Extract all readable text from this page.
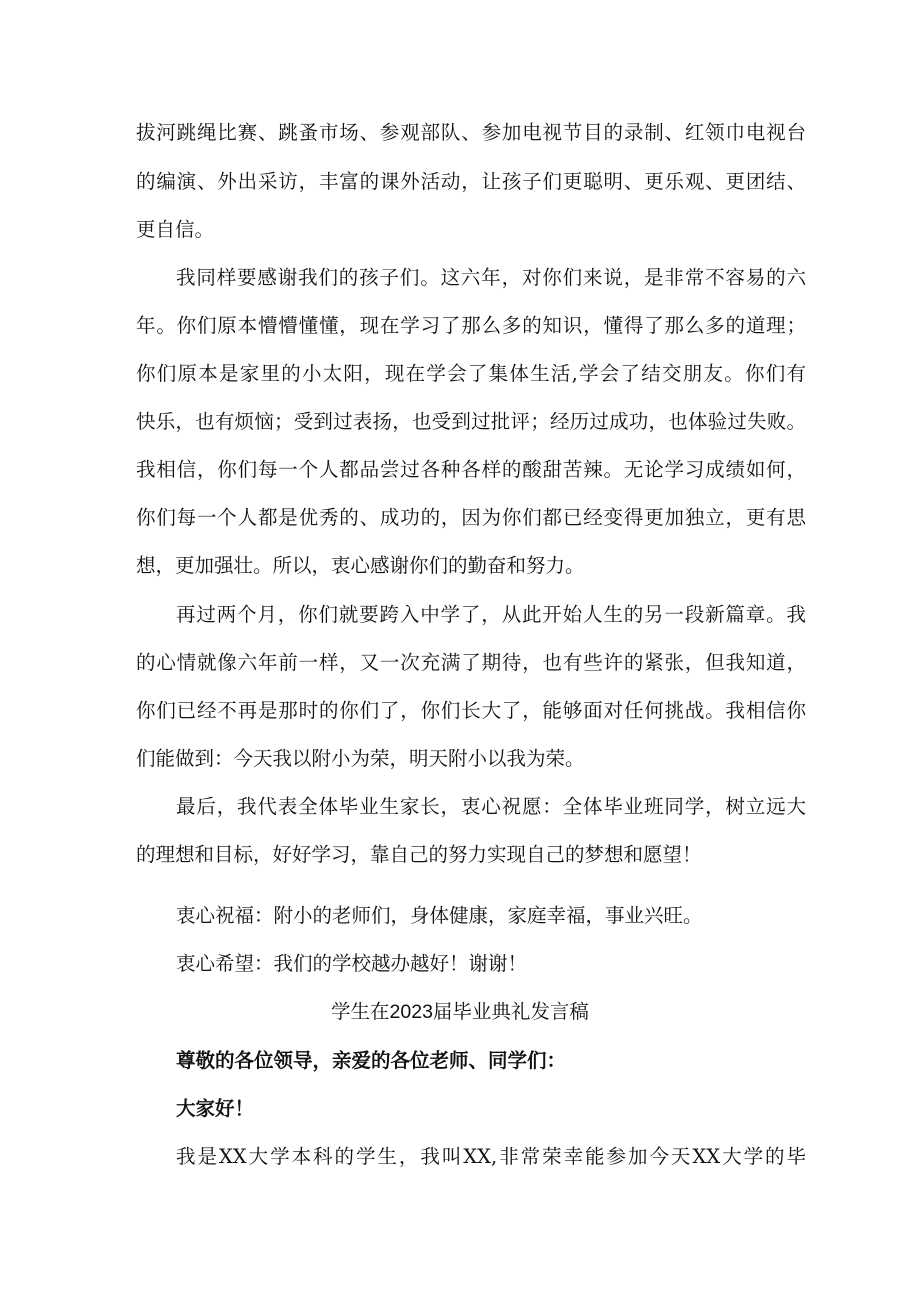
拔河跳绳比赛、跳蚤市场、参观部队、参加电视节目的录制、红领巾电视台
的编演、外出采访，丰富的课外活动，让孩子们更聪明、更乐观、更团结、
更自信。
我同样要感谢我们的孩子们。这六年，对你们来说，是非常不容易的六
年。你们原本懵懵懂懂，现在学习了那么多的知识，懂得了那么多的道理；
你们原本是家里的小太阳，现在学会了集体生活,学会了结交朋友。你们有
快乐，也有烦恼；受到过表扬，也受到过批评；经历过成功，也体验过失败。
我相信，你们每一个人都品尝过各种各样的酸甜苦辣。无论学习成绩如何，
你们每一个人都是优秀的、成功的，因为你们都已经变得更加独立，更有思
想，更加强壮。所以，衷心感谢你们的勤奋和努力。
再过两个月，你们就要跨入中学了，从此开始人生的另一段新篇章。我
的心情就像六年前一样，又一次充满了期待，也有些许的紧张，但我知道，
你们已经不再是那时的你们了，你们长大了，能够面对任何挑战。我相信你
们能做到：今天我以附小为荣，明天附小以我为荣。
最后，我代表全体毕业生家长，衷心祝愿：全体毕业班同学，树立远大
的理想和目标，好好学习，靠自己的努力实现自己的梦想和愿望！
衷心祝福：附小的老师们，身体健康，家庭幸福，事业兴旺。
衷心希望：我们的学校越办越好！谢谢！
学生在2023届毕业典礼发言稿
尊敬的各位领导，亲爱的各位老师、同学们：
大家好！
我是XX大学本科的学生，我叫XX,非常荣幸能参加今天XX大学的毕
